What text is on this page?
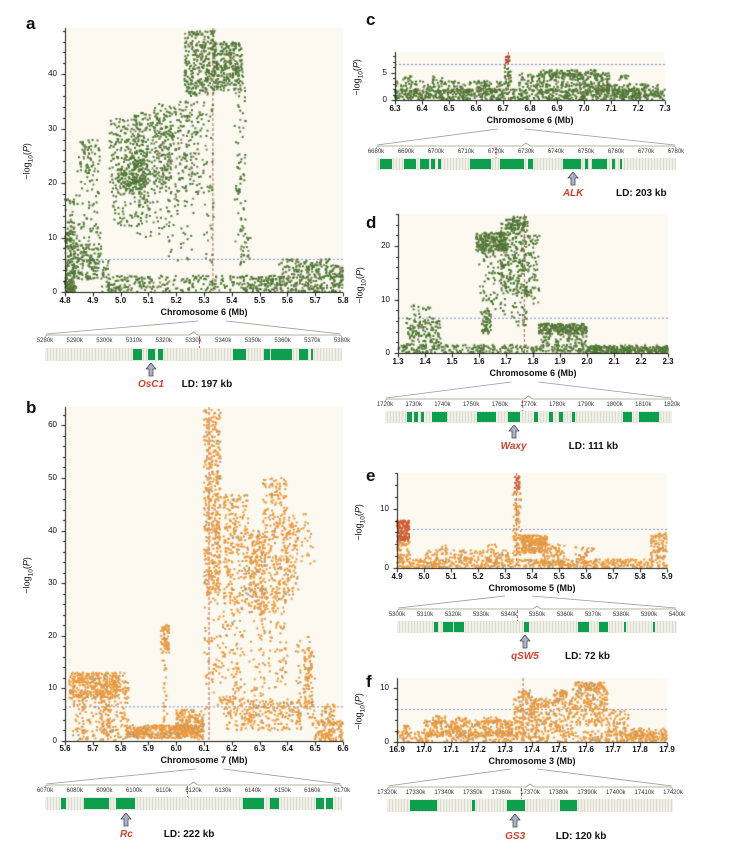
a
$-\log_{10}(P)$
Chromosome 6 (Mb)
OsC1 LD: 197 kb
0
10
20
30
40
4.8 4.9 5.0 5.1 5.2 5.3 5.4 5.5 5.6 5.7 5.8
5280k 5290k 5300k 5310k 5320k 5330k 5340k 5350k 5360k 5370k 5380k
b
$-\log_{10}(P)$
Chromosome 7 (Mb)
Rc	LD: 222 kb
0
10
20
30
40
50
60
5.6 5.7 5.8 5.9 6.0 6.1 6.2 6.3 6.4 6.5 6.6
6070k 6080k 6090k 6100k 6110k 6120k 6130k 6140k 6150k 6160k 6170k
c
$-\log_{10}(P)$
Chromosome 6 (Mb)
ALK	LD: 203 kb
0
5
6.3 6.4 6.5 6.6 6.7 6.8 6.9 7.0 7.1 7.2 7.3
6680k 6690k 6700k 6710k 6720k 6730k 6740k 6750k 6760k 6770k 6780k
d
$-\log_{10}(P)$
Chromosome 6 (Mb)
Waxy	LD: 111 kb
0
10
20
1.3 1.4 1.5 1.6 1.7 1.8 1.9 2.0 2.1 2.2 2.3
1720k 1730k 1740k 1750k 1760k 1770k 1780k 1790k 1800k 1810k 1820k
e
$-\log_{10}(P)$
Chromosome 5 (Mb)
qSW5	LD: 72 kb
0
10
4.9 5.0 5.1 5.2 5.3 5.4 5.5 5.6 5.7 5.8 5.9
5300k 5310k 5320k 5330k 5340k 5350k 5360k 5370k 5380k 5390k 5400k
f
$-\log_{10}(P)$
Chromosome 3 (Mb)
GS3	LD: 120 kb
0
10
16.9 17.0 17.1 17.2 17.3 17.4 17.5 17.6 17.7 17.8 17.9
17320k 17330k 17340k 17350k 17360k 17370k 17380k 17390k 17400k 17410k 17420k
